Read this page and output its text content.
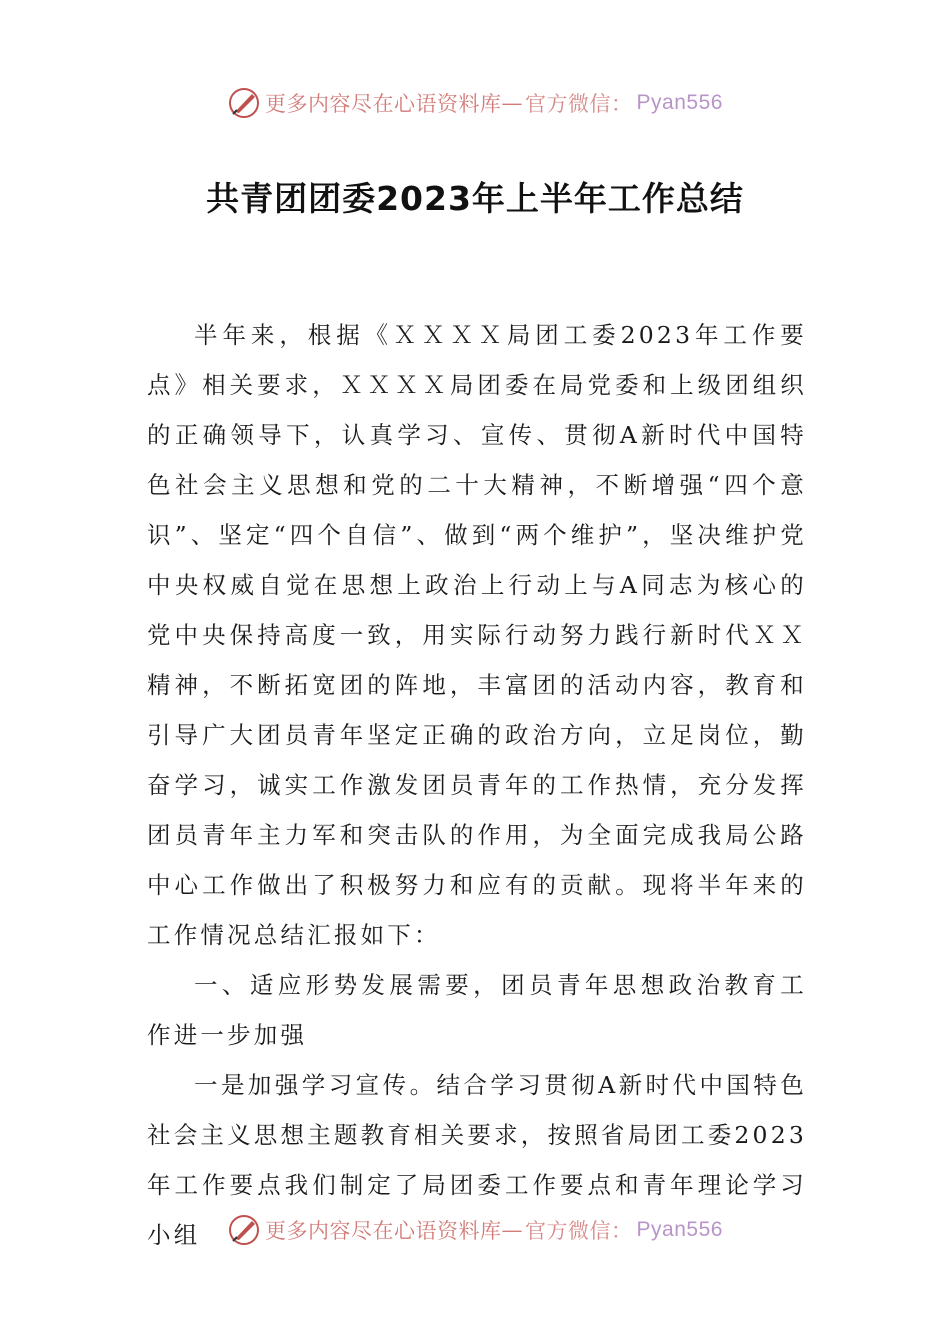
更多内容尽在心语资料库 — 官方微信： Pyan556
共青团团委2023年上半年工作总结

半年来，根据《ＸＸＸＸ局团工委2023年工作要点》相关要求，ＸＸＸＸ局团委在局党委和上级团组织的正确领导下，认真学习、宣传、贯彻A新时代中国特色社会主义思想和党的二十大精神，不断增强“四个意识”、坚定“四个自信”、做到“两个维护”，坚决维护党中央权威自觉在思想上政治上行动上与A同志为核心的党中央保持高度一致，用实际行动努力践行新时代ＸＸ精神，不断拓宽团的阵地，丰富团的活动内容，教育和引导广大团员青年坚定正确的政治方向，立足岗位，勤奋学习，诚实工作激发团员青年的工作热情，充分发挥团员青年主力军和突击队的作用，为全面完成我局公路中心工作做出了积极努力和应有的贡献。现将半年来的工作情况总结汇报如下：

一、适应形势发展需要，团员青年思想政治教育工作进一步加强

一是加强学习宣传。结合学习贯彻A新时代中国特色社会主义思想主题教育相关要求，按照省局团工委2023年工作要点我们制定了局团委工作要点和青年理论学习小组	更多内容尽在心语资料库 — 官方微信： Pyan556
